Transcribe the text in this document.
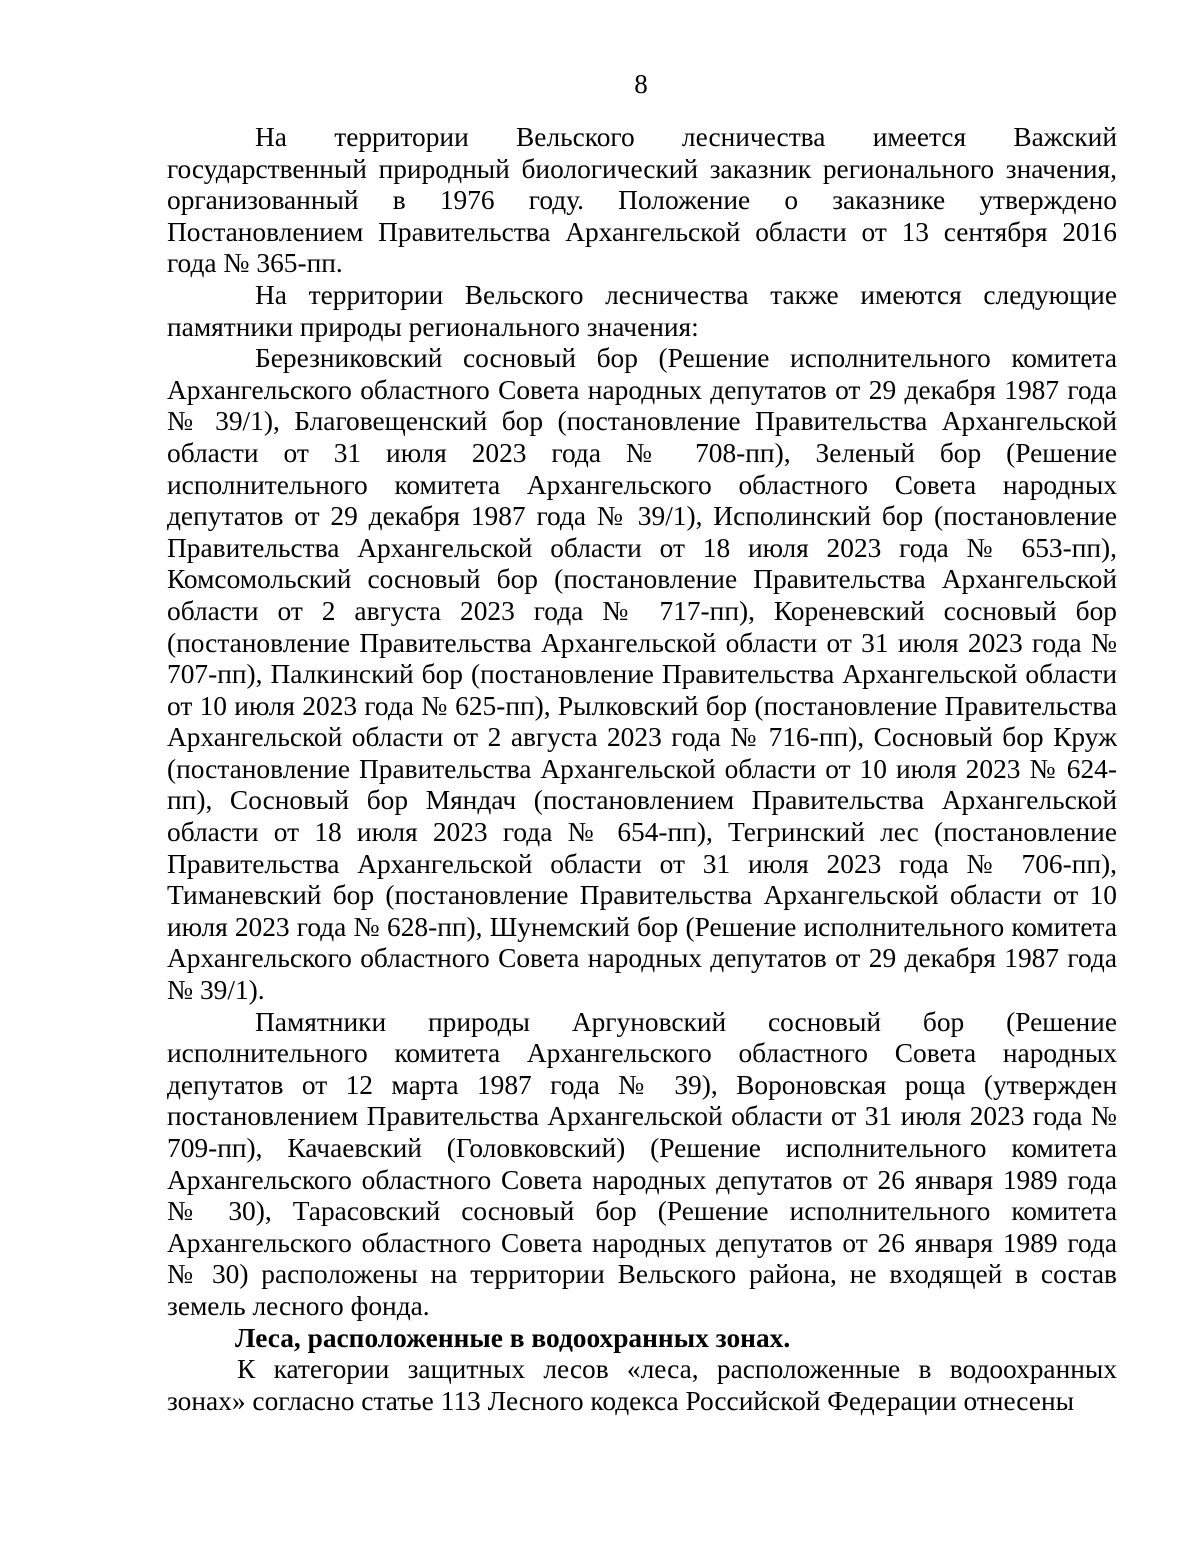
8

На территории Вельского лесничества имеется Важский государственный природный биологический заказник регионального значения, организованный в 1976 году. Положение о заказнике утверждено Постановлением Правительства Архангельской области от 13 сентября 2016 года № 365-пп.

На территории Вельского лесничества также имеются следующие памятники природы регионального значения:

Березниковский сосновый бор (Решение исполнительного комитета Архангельского областного Совета народных депутатов от 29 декабря 1987 года № 39/1), Благовещенский бор (постановление Правительства Архангельской области от 31 июля 2023 года № 708-пп), Зеленый бор (Решение исполнительного комитета Архангельского областного Совета народных депутатов от 29 декабря 1987 года № 39/1), Исполинский бор (постановление Правительства Архангельской области от 18 июля 2023 года № 653-пп), Комсомольский сосновый бор (постановление Правительства Архангельской области от 2 августа 2023 года № 717-пп), Кореневский сосновый бор (постановление Правительства Архангельской области от 31 июля 2023 года № 707-пп), Палкинский бор (постановление Правительства Архангельской области от 10 июля 2023 года № 625-пп), Рылковский бор (постановление Правительства Архангельской области от 2 августа 2023 года № 716-пп), Сосновый бор Круж (постановление Правительства Архангельской области от 10 июля 2023 № 624-пп), Сосновый бор Мяндач (постановлением Правительства Архангельской области от 18 июля 2023 года № 654-пп), Тегринский лес (постановление Правительства Архангельской области от 31 июля 2023 года № 706-пп), Тиманевский бор (постановление Правительства Архангельской области от 10 июля 2023 года № 628-пп), Шунемский бор (Решение исполнительного комитета Архангельского областного Совета народных депутатов от 29 декабря 1987 года № 39/1).

Памятники природы Аргуновский сосновый бор (Решение исполнительного комитета Архангельского областного Совета народных депутатов от 12 марта 1987 года № 39), Вороновская роща (утвержден постановлением Правительства Архангельской области от 31 июля 2023 года № 709-пп), Качаевский (Головковский) (Решение исполнительного комитета Архангельского областного Совета народных депутатов от 26 января 1989 года № 30), Тарасовский сосновый бор (Решение исполнительного комитета Архангельского областного Совета народных депутатов от 26 января 1989 года № 30) расположены на территории Вельского района, не входящей в состав земель лесного фонда.

Леса, расположенные в водоохранных зонах.

К категории защитных лесов «леса, расположенные в водоохранных зонах» согласно статье 113 Лесного кодекса Российской Федерации отнесены
